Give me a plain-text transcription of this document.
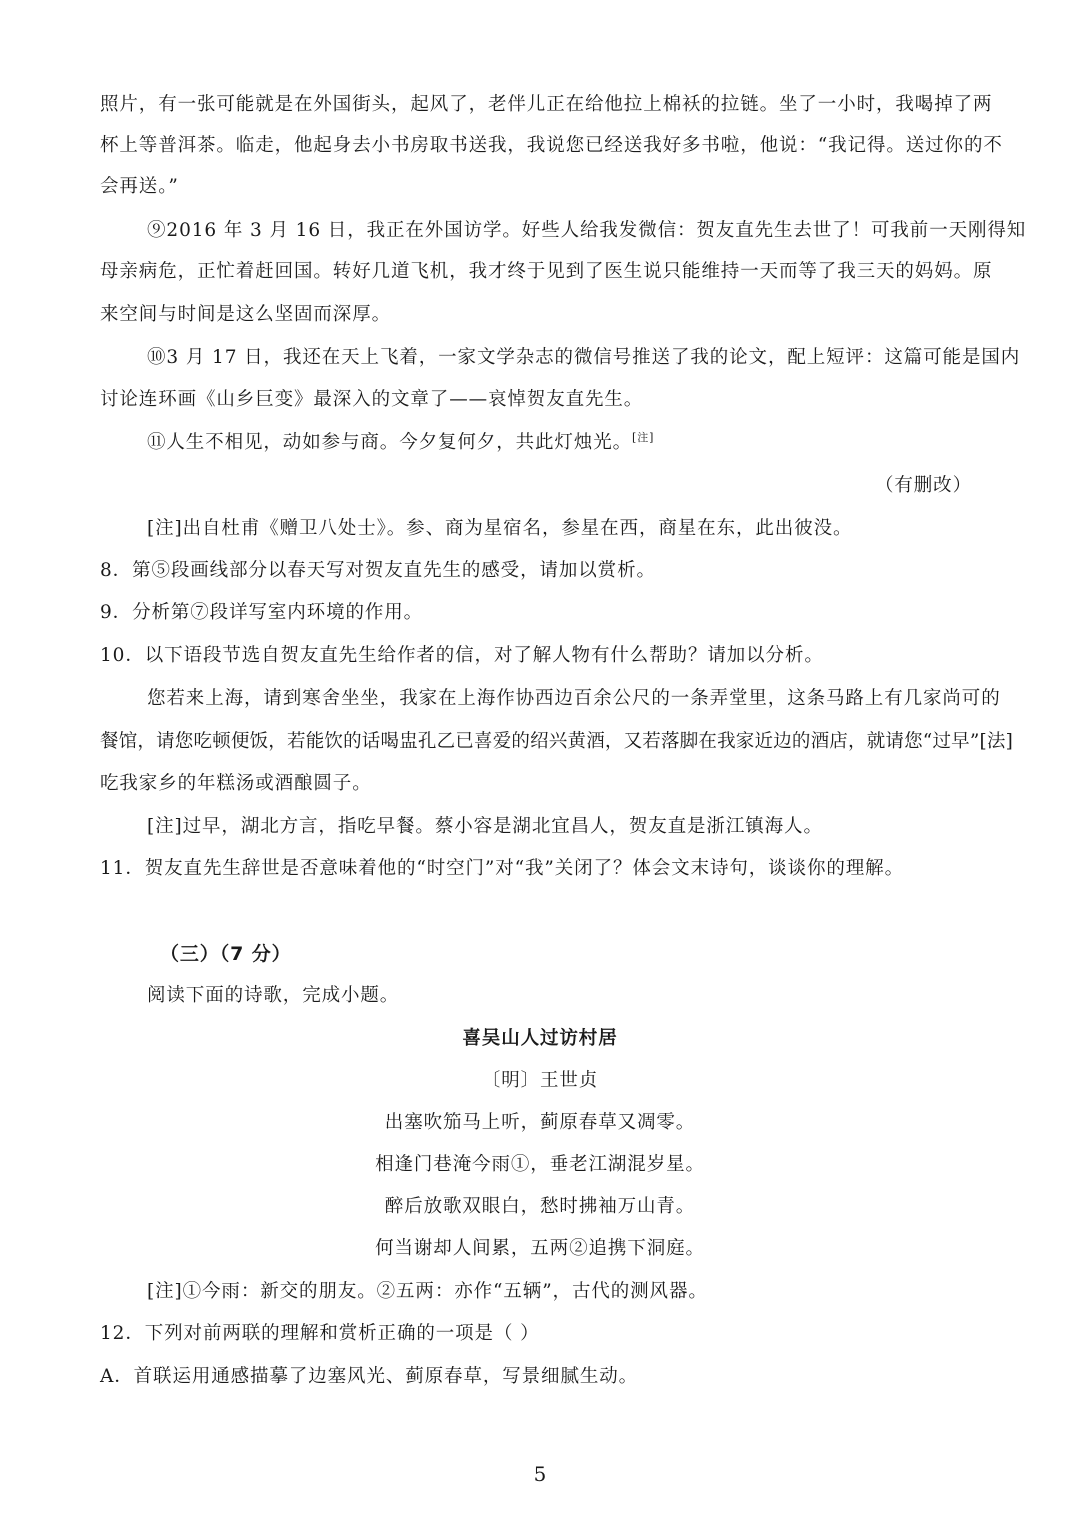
照片，有一张可能就是在外国街头，起风了，老伴儿正在给他拉上棉袄的拉链。坐了一小时，我喝掉了两
杯上等普洱茶。临走，他起身去小书房取书送我，我说您已经送我好多书啦，他说：“我记得。送过你的不
会再送。”
⑨2016 年 3 月 16 日，我正在外国访学。好些人给我发微信：贺友直先生去世了！可我前一天刚得知
母亲病危，正忙着赶回国。转好几道飞机，我才终于见到了医生说只能维持一天而等了我三天的妈妈。原
来空间与时间是这么坚固而深厚。
⑩3 月 17 日，我还在天上飞着，一家文学杂志的微信号推送了我的论文，配上短评：这篇可能是国内
讨论连环画《山乡巨变》最深入的文章了——哀悼贺友直先生。
⑪人生不相见，动如参与商。今夕复何夕，共此灯烛光。[注]
（有删改）
[注]出自杜甫《赠卫八处士》。参、商为星宿名，参星在西，商星在东，此出彼没。
8．第⑤段画线部分以春天写对贺友直先生的感受，请加以赏析。
9．分析第⑦段详写室内环境的作用。
10．以下语段节选自贺友直先生给作者的信，对了解人物有什么帮助？请加以分析。
您若来上海，请到寒舍坐坐，我家在上海作协西边百余公尺的一条弄堂里，这条马路上有几家尚可的
餐馆，请您吃顿便饭，若能饮的话喝盅孔乙已喜爱的绍兴黄酒，又若落脚在我家近边的酒店，就请您“过早”[法]
吃我家乡的年糕汤或酒酿圆子。
[注]过早，湖北方言，指吃早餐。蔡小容是湖北宜昌人，贺友直是浙江镇海人。
11．贺友直先生辞世是否意味着他的“时空门”对“我”关闭了？体会文末诗句，谈谈你的理解。
（三）（7 分）
阅读下面的诗歌，完成小题。
喜吴山人过访村居
〔明〕王世贞
出塞吹笳马上听，蓟原春草又凋零。
相逢门巷淹今雨①，垂老江湖混岁星。
醉后放歌双眼白，愁时拂袖万山青。
何当谢却人间累，五两②追携下洞庭。
[注]①今雨：新交的朋友。②五两：亦作“五辆”，古代的测风器。
12．下列对前两联的理解和赏析正确的一项是（ ）
A．首联运用通感描摹了边塞风光、蓟原春草，写景细腻生动。
5
